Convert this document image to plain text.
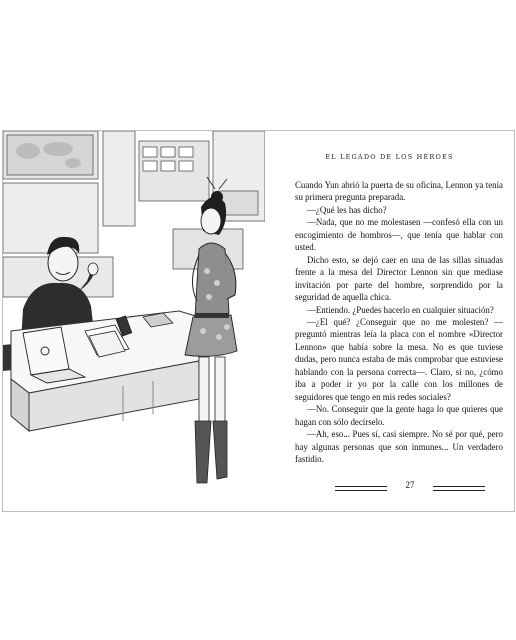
EL LEGADO DE LOS HÉROES

Cuando Yun abrió la puerta de su oficina, Lennon ya tenía su primera pregunta preparada.

—¿Qué les has dicho?

—Nada, que no me molestasen —confesó ella con un encogimiento de hombros—, que tenía que hablar con usted.

Dicho esto, se dejó caer en una de las sillas situadas frente a la mesa del Director Lennon sin que mediase invitación por parte del hombre, sorprendido por la seguridad de aquella chica.

—Entiendo. ¿Puedes hacerlo en cualquier situación?

—¿El qué? ¿Conseguir que no me molesten? —preguntó mientras leía la placa con el nombre «Director Lennon» que había sobre la mesa. No es que tuviese dudas, pero nunca estaba de más comprobar que estuviese hablando con la persona correcta—. Claro, si no, ¿cómo iba a poder ir yo por la calle con los millones de seguidores que tengo en mis redes sociales?

—No. Conseguir que la gente haga lo que quieres que hagan con sólo decírselo.

—Ah, eso... Pues sí, casi siempre. No sé por qué, pero hay algunas personas que son inmunes... Un verdadero fastidio.

27
